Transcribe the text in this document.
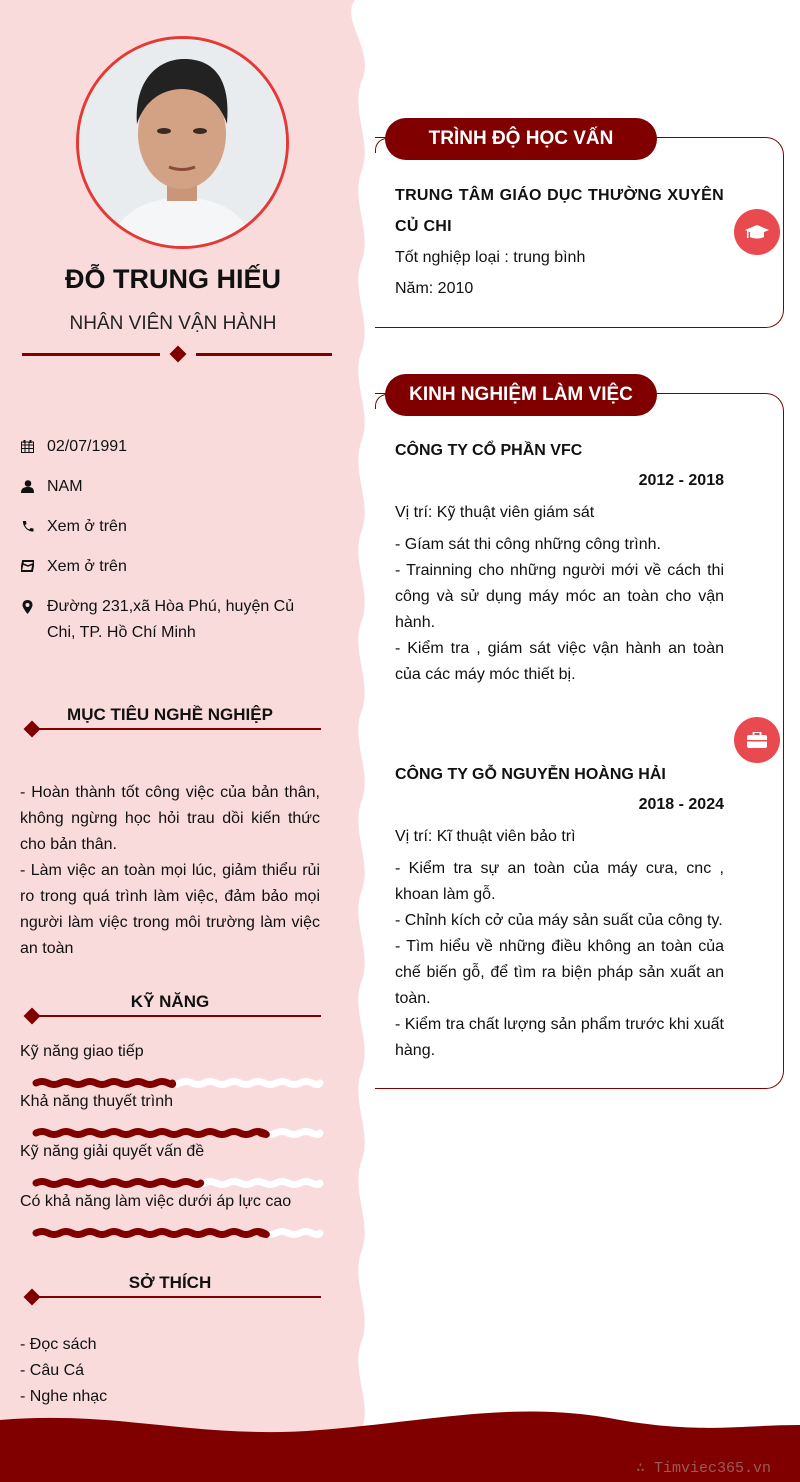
ĐỖ TRUNG HIẾU
NHÂN VIÊN VẬN HÀNH
02/07/1991
NAM
Xem ở trên
Xem ở trên
Đường 231,xã Hòa Phú, huyện Củ Chi, TP. Hồ Chí Minh
MỤC TIÊU NGHỀ NGHIỆP
- Hoàn thành tốt công việc của bản thân, không ngừng học hỏi trau dồi kiến thức cho bản thân.
- Làm việc an toàn mọi lúc, giảm thiểu rủi ro trong quá trình làm việc, đảm bảo mọi người làm việc trong môi trường làm việc an toàn
KỸ NĂNG
Kỹ năng giao tiếp
Khả năng thuyết trình
Kỹ năng giải quyết vấn đề
Có khả năng làm việc dưới áp lực cao
SỞ THÍCH
- Đọc sách
- Câu Cá
- Nghe nhạc
TRÌNH ĐỘ HỌC VẤN
TRUNG TÂM GIÁO DỤC THƯỜNG XUYÊN CỦ CHI
Tốt nghiệp loại : trung bình
Năm: 2010
KINH NGHIỆM LÀM VIỆC
CÔNG TY CỔ PHẦN VFC
2012 - 2018
Vị trí: Kỹ thuật viên giám sát
- Gíam sát thi công những công trình.
- Trainning cho những người mới về cách thi công và sử dụng máy móc an toàn cho vận hành.
- Kiểm tra , giám sát việc vận hành an toàn của các máy móc thiết bị.
CÔNG TY GỖ NGUYỄN HOÀNG HẢI
2018 - 2024
Vị trí: Kĩ thuật viên bảo trì
- Kiểm tra sự an toàn của máy cưa, cnc , khoan làm gỗ.
- Chỉnh kích cở của máy sản suất của công ty.
- Tìm hiểu về những điều không an toàn của chế biến gỗ, để tìm ra biện pháp sản xuất an toàn.
- Kiểm tra chất lượng sản phẩm trước khi xuất hàng.
∴ Timviec365.vn
